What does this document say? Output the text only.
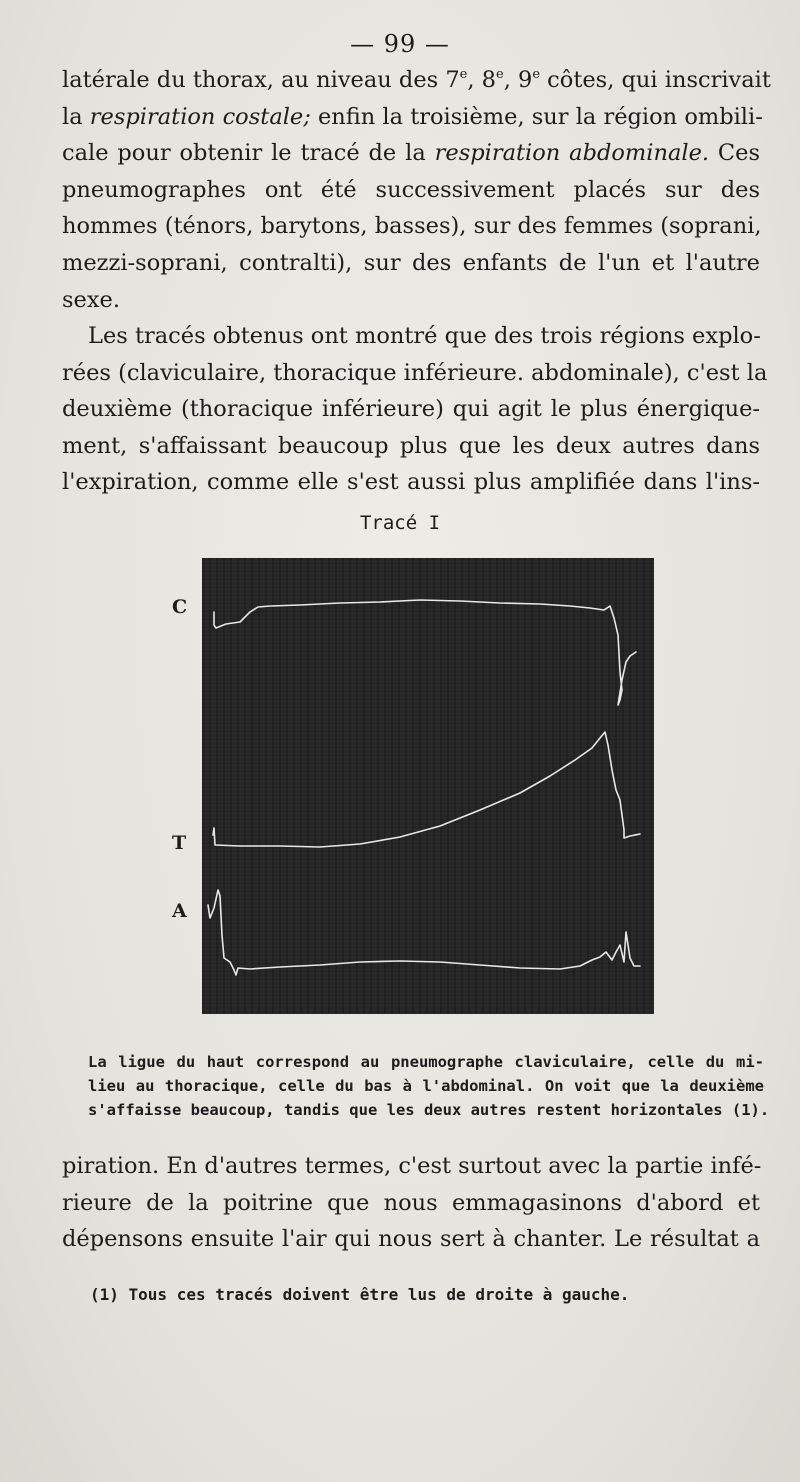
— 99 —
latérale du thorax, au niveau des 7e, 8e, 9e côtes, qui inscrivait
la respiration costale; enfin la troisième, sur la région ombili-
cale pour obtenir le tracé de la respiration abdominale. Ces
pneumographes ont été successivement placés sur des
hommes (ténors, barytons, basses), sur des femmes (soprani,
mezzi-soprani, contralti), sur des enfants de l'un et l'autre
sexe.
Les tracés obtenus ont montré que des trois régions explo-
rées (claviculaire, thoracique inférieure. abdominale), c'est la
deuxième (thoracique inférieure) qui agit le plus énergique-
ment, s'affaissant beaucoup plus que les deux autres dans
l'expiration, comme elle s'est aussi plus amplifiée dans l'ins-
Tracé I
C
T
A
La ligue du haut correspond au pneumographe claviculaire, celle du mi-
lieu au thoracique, celle du bas à l'abdominal. On voit que la deuxième
s'affaisse beaucoup, tandis que les deux autres restent horizontales (1).
piration. En d'autres termes, c'est surtout avec la partie infé-
rieure de la poitrine que nous emmagasinons d'abord et
dépensons ensuite l'air qui nous sert à chanter. Le résultat a
(1) Tous ces tracés doivent être lus de droite à gauche.
